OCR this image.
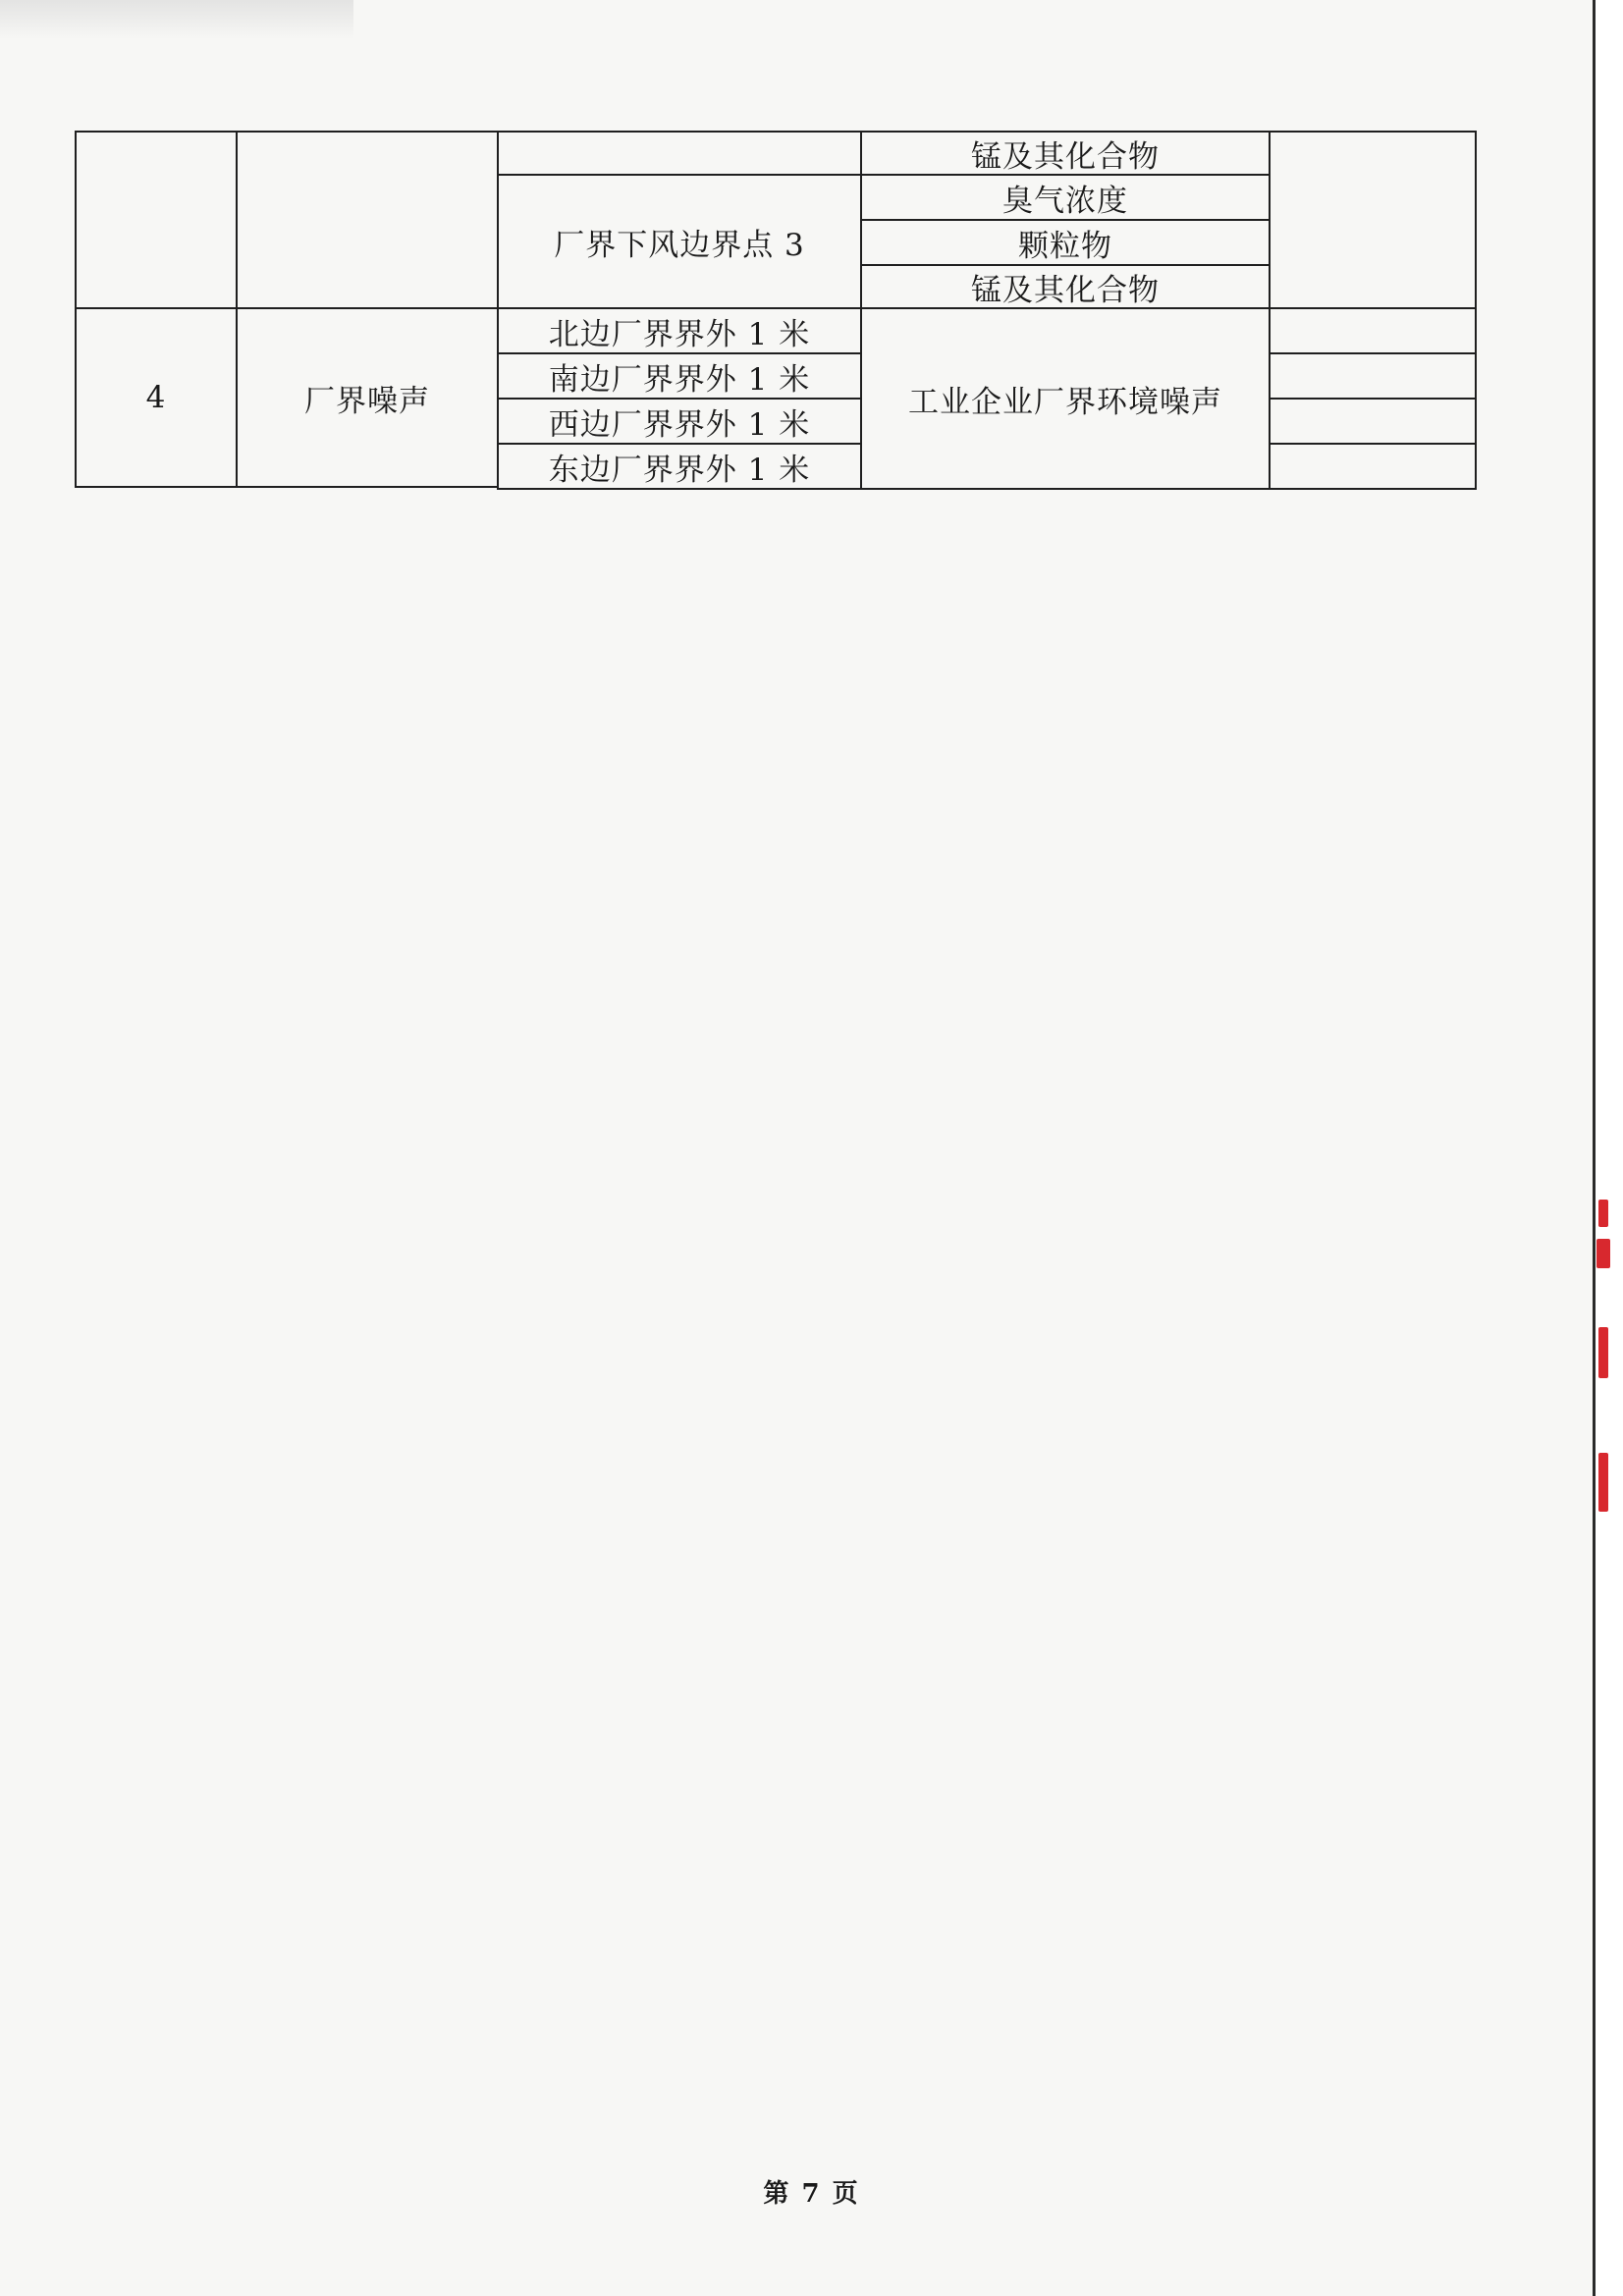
厂界下风边界点 3
锰及其化合物
臭气浓度
颗粒物
锰及其化合物
4	厂界噪声
北边厂界界外 1 米
南边厂界界外 1 米
西边厂界界外 1 米
东边厂界界外 1 米
工业企业厂界环境噪声
第 7 页
